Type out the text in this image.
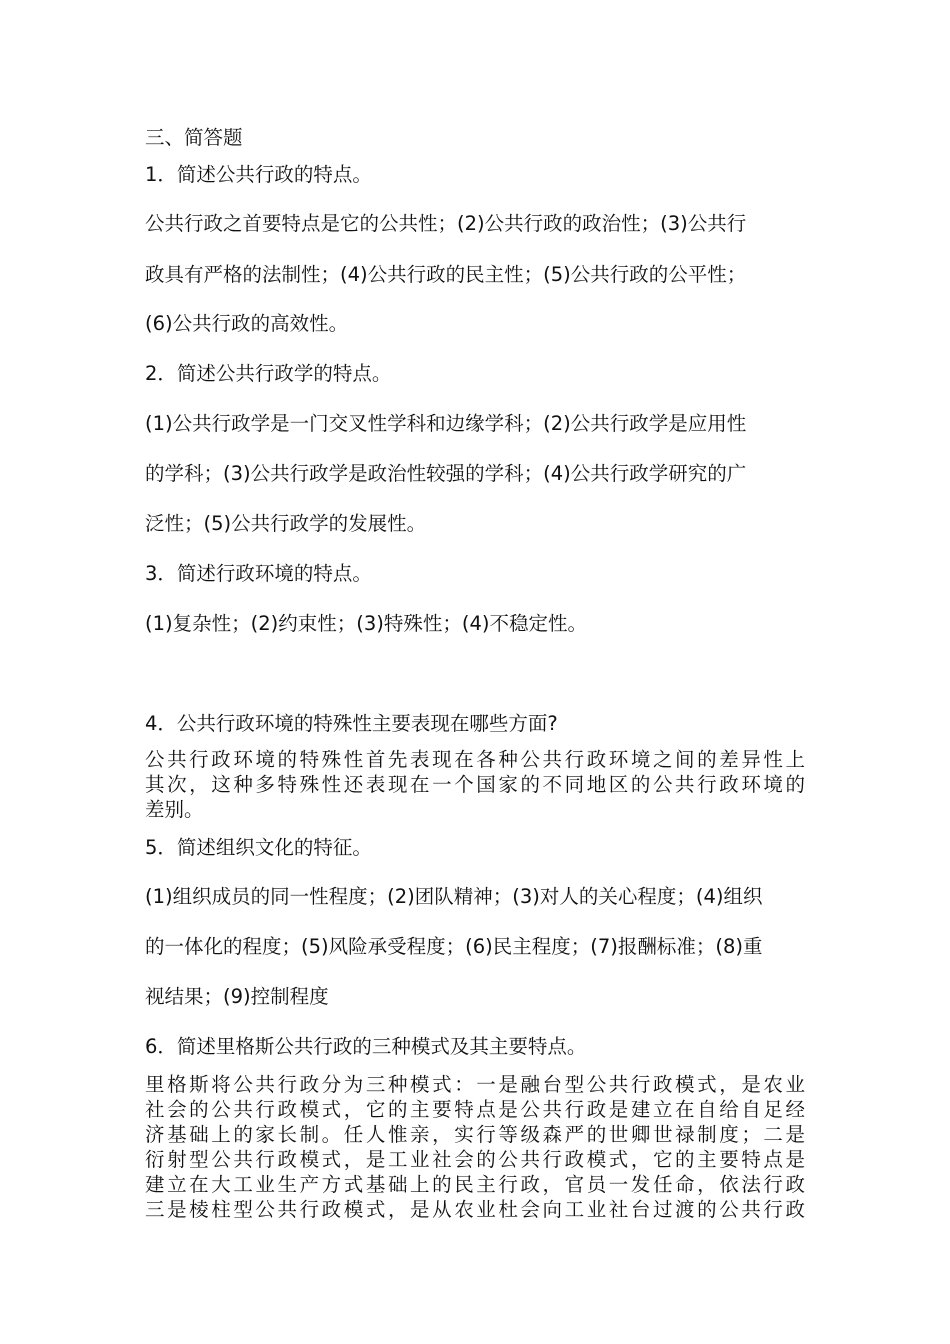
三、简答题
1．简述公共行政的特点。
公共行政之首要特点是它的公共性；(2)公共行政的政治性；(3)公共行
政具有严格的法制性；(4)公共行政的民主性；(5)公共行政的公平性；
(6)公共行政的高效性。
2．简述公共行政学的特点。
(1)公共行政学是一门交叉性学科和边缘学科；(2)公共行政学是应用性
的学科；(3)公共行政学是政治性较强的学科；(4)公共行政学研究的广
泛性；(5)公共行政学的发展性。
3．简述行政环境的特点。
(1)复杂性；(2)约束性；(3)特殊性；(4)不稳定性。
4．公共行政环境的特殊性主要表现在哪些方面?
公共行政环境的特殊性首先表现在各种公共行政环境之间的差异性上
其次，这种多特殊性还表现在一个国家的不同地区的公共行政环境的
差别。
5．简述组织文化的特征。
(1)组织成员的同一性程度；(2)团队精神；(3)对人的关心程度；(4)组织
的一体化的程度；(5)风险承受程度；(6)民主程度；(7)报酬标准；(8)重
视结果；(9)控制程度
6．简述里格斯公共行政的三种模式及其主要特点。
里格斯将公共行政分为三种模式：一是融台型公共行政模式，是农业
社会的公共行政模式，它的主要特点是公共行政是建立在自给自足经
济基础上的家长制。任人惟亲，实行等级森严的世卿世禄制度；二是
衍射型公共行政模式，是工业社会的公共行政模式，它的主要特点是
建立在大工业生产方式基础上的民主行政，官员一发任命，依法行政
三是棱柱型公共行政模式，是从农业杜会向工业社台过渡的公共行政
